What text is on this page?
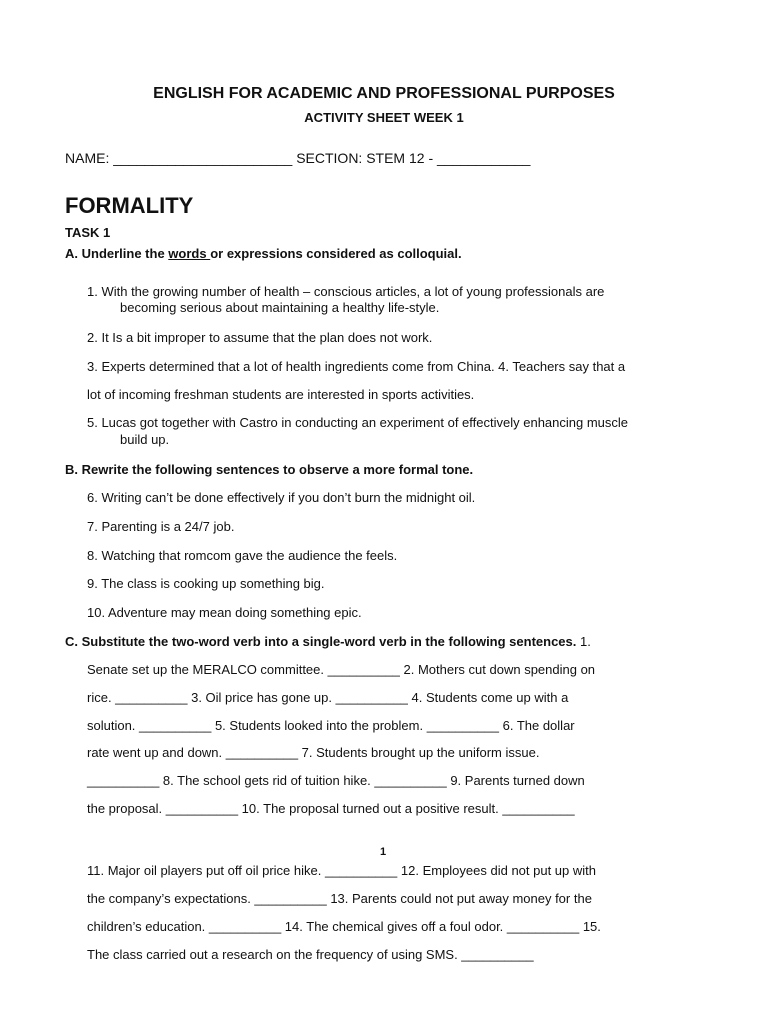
ENGLISH FOR ACADEMIC AND PROFESSIONAL PURPOSES
ACTIVITY SHEET WEEK 1
NAME: _______________________ SECTION: STEM 12 - ____________
FORMALITY
TASK 1
A. Underline the words or expressions considered as colloquial.
1. With the growing number of health – conscious articles, a lot of young professionals are
becoming serious about maintaining a healthy life-style.
2. It Is a bit improper to assume that the plan does not work.
3. Experts determined that a lot of health ingredients come from China. 4. Teachers say that a
lot of incoming freshman students are interested in sports activities.
5. Lucas got together with Castro in conducting an experiment of effectively enhancing muscle
build up.
B. Rewrite the following sentences to observe a more formal tone.
6. Writing can’t be done effectively if you don’t burn the midnight oil.
7. Parenting is a 24/7 job.
8. Watching that romcom gave the audience the feels.
9. The class is cooking up something big.
10. Adventure may mean doing something epic.
C. Substitute the two-word verb into a single-word verb in the following sentences. 1.
Senate set up the MERALCO committee. __________ 2. Mothers cut down spending on
rice. __________ 3. Oil price has gone up. __________ 4. Students come up with a
solution. __________ 5. Students looked into the problem. __________ 6. The dollar
rate went up and down. __________ 7. Students brought up the uniform issue.
__________ 8. The school gets rid of tuition hike. __________ 9. Parents turned down
the proposal. __________ 10. The proposal turned out a positive result. __________
1
11. Major oil players put off oil price hike. __________ 12. Employees did not put up with
the company’s expectations. __________ 13. Parents could not put away money for the
children’s education. __________ 14. The chemical gives off a foul odor. __________ 15.
The class carried out a research on the frequency of using SMS. __________
